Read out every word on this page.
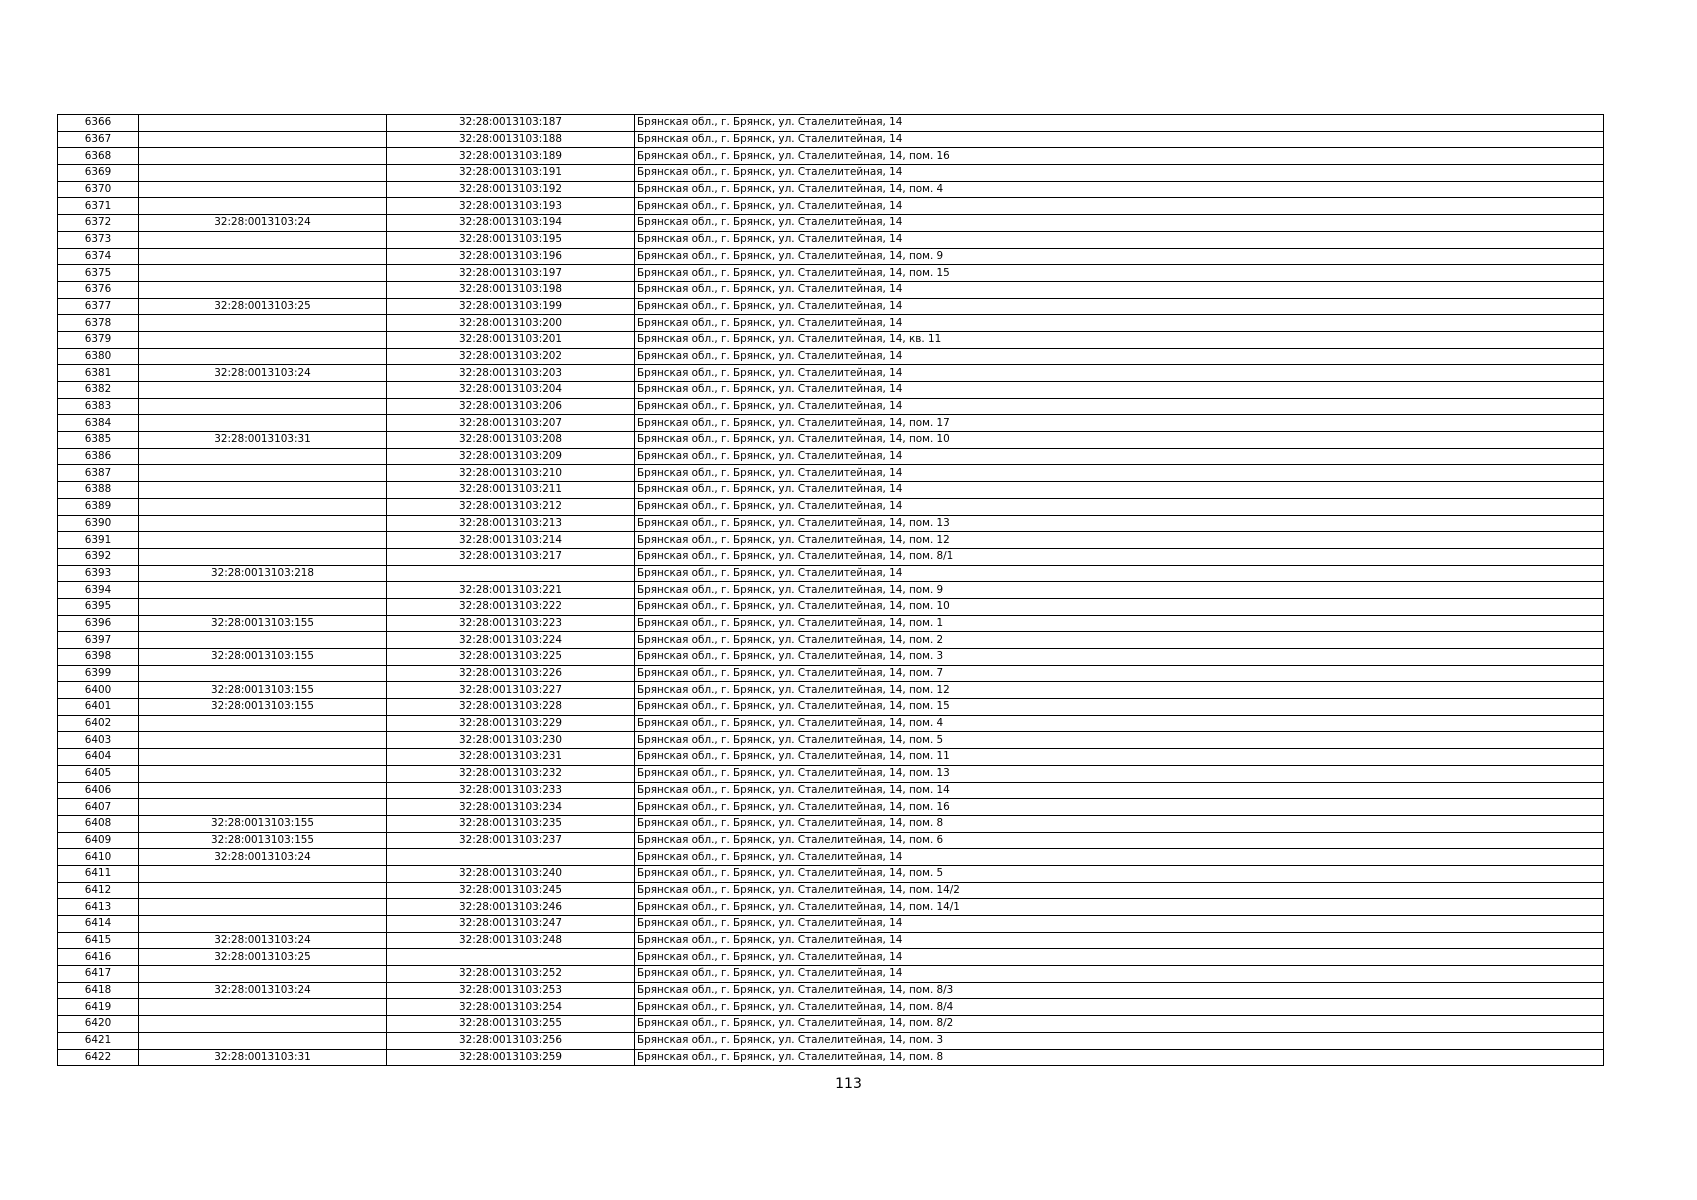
6366		32:28:0013103:187	Брянская обл., г. Брянск, ул. Сталелитейная, 14
6367		32:28:0013103:188	Брянская обл., г. Брянск, ул. Сталелитейная, 14
6368		32:28:0013103:189	Брянская обл., г. Брянск, ул. Сталелитейная, 14, пом. 16
6369		32:28:0013103:191	Брянская обл., г. Брянск, ул. Сталелитейная, 14
6370		32:28:0013103:192	Брянская обл., г. Брянск, ул. Сталелитейная, 14, пом. 4
6371		32:28:0013103:193	Брянская обл., г. Брянск, ул. Сталелитейная, 14
6372	32:28:0013103:24	32:28:0013103:194	Брянская обл., г. Брянск, ул. Сталелитейная, 14
6373		32:28:0013103:195	Брянская обл., г. Брянск, ул. Сталелитейная, 14
6374		32:28:0013103:196	Брянская обл., г. Брянск, ул. Сталелитейная, 14, пом. 9
6375		32:28:0013103:197	Брянская обл., г. Брянск, ул. Сталелитейная, 14, пом. 15
6376		32:28:0013103:198	Брянская обл., г. Брянск, ул. Сталелитейная, 14
6377	32:28:0013103:25	32:28:0013103:199	Брянская обл., г. Брянск, ул. Сталелитейная, 14
6378		32:28:0013103:200	Брянская обл., г. Брянск, ул. Сталелитейная, 14
6379		32:28:0013103:201	Брянская обл., г. Брянск, ул. Сталелитейная, 14, кв. 11
6380		32:28:0013103:202	Брянская обл., г. Брянск, ул. Сталелитейная, 14
6381	32:28:0013103:24	32:28:0013103:203	Брянская обл., г. Брянск, ул. Сталелитейная, 14
6382		32:28:0013103:204	Брянская обл., г. Брянск, ул. Сталелитейная, 14
6383		32:28:0013103:206	Брянская обл., г. Брянск, ул. Сталелитейная, 14
6384		32:28:0013103:207	Брянская обл., г. Брянск, ул. Сталелитейная, 14, пом. 17
6385	32:28:0013103:31	32:28:0013103:208	Брянская обл., г. Брянск, ул. Сталелитейная, 14, пом. 10
6386		32:28:0013103:209	Брянская обл., г. Брянск, ул. Сталелитейная, 14
6387		32:28:0013103:210	Брянская обл., г. Брянск, ул. Сталелитейная, 14
6388		32:28:0013103:211	Брянская обл., г. Брянск, ул. Сталелитейная, 14
6389		32:28:0013103:212	Брянская обл., г. Брянск, ул. Сталелитейная, 14
6390		32:28:0013103:213	Брянская обл., г. Брянск, ул. Сталелитейная, 14, пом. 13
6391		32:28:0013103:214	Брянская обл., г. Брянск, ул. Сталелитейная, 14, пом. 12
6392		32:28:0013103:217	Брянская обл., г. Брянск, ул. Сталелитейная, 14, пом. 8/1
6393	32:28:0013103:218		Брянская обл., г. Брянск, ул. Сталелитейная, 14
6394		32:28:0013103:221	Брянская обл., г. Брянск, ул. Сталелитейная, 14, пом. 9
6395		32:28:0013103:222	Брянская обл., г. Брянск, ул. Сталелитейная, 14, пом. 10
6396	32:28:0013103:155	32:28:0013103:223	Брянская обл., г. Брянск, ул. Сталелитейная, 14, пом. 1
6397		32:28:0013103:224	Брянская обл., г. Брянск, ул. Сталелитейная, 14, пом. 2
6398	32:28:0013103:155	32:28:0013103:225	Брянская обл., г. Брянск, ул. Сталелитейная, 14, пом. 3
6399		32:28:0013103:226	Брянская обл., г. Брянск, ул. Сталелитейная, 14, пом. 7
6400	32:28:0013103:155	32:28:0013103:227	Брянская обл., г. Брянск, ул. Сталелитейная, 14, пом. 12
6401	32:28:0013103:155	32:28:0013103:228	Брянская обл., г. Брянск, ул. Сталелитейная, 14, пом. 15
6402		32:28:0013103:229	Брянская обл., г. Брянск, ул. Сталелитейная, 14, пом. 4
6403		32:28:0013103:230	Брянская обл., г. Брянск, ул. Сталелитейная, 14, пом. 5
6404		32:28:0013103:231	Брянская обл., г. Брянск, ул. Сталелитейная, 14, пом. 11
6405		32:28:0013103:232	Брянская обл., г. Брянск, ул. Сталелитейная, 14, пом. 13
6406		32:28:0013103:233	Брянская обл., г. Брянск, ул. Сталелитейная, 14, пом. 14
6407		32:28:0013103:234	Брянская обл., г. Брянск, ул. Сталелитейная, 14, пом. 16
6408	32:28:0013103:155	32:28:0013103:235	Брянская обл., г. Брянск, ул. Сталелитейная, 14, пом. 8
6409	32:28:0013103:155	32:28:0013103:237	Брянская обл., г. Брянск, ул. Сталелитейная, 14, пом. 6
6410	32:28:0013103:24		Брянская обл., г. Брянск, ул. Сталелитейная, 14
6411		32:28:0013103:240	Брянская обл., г. Брянск, ул. Сталелитейная, 14, пом. 5
6412		32:28:0013103:245	Брянская обл., г. Брянск, ул. Сталелитейная, 14, пом. 14/2
6413		32:28:0013103:246	Брянская обл., г. Брянск, ул. Сталелитейная, 14, пом. 14/1
6414		32:28:0013103:247	Брянская обл., г. Брянск, ул. Сталелитейная, 14
6415	32:28:0013103:24	32:28:0013103:248	Брянская обл., г. Брянск, ул. Сталелитейная, 14
6416	32:28:0013103:25		Брянская обл., г. Брянск, ул. Сталелитейная, 14
6417		32:28:0013103:252	Брянская обл., г. Брянск, ул. Сталелитейная, 14
6418	32:28:0013103:24	32:28:0013103:253	Брянская обл., г. Брянск, ул. Сталелитейная, 14, пом. 8/3
6419		32:28:0013103:254	Брянская обл., г. Брянск, ул. Сталелитейная, 14, пом. 8/4
6420		32:28:0013103:255	Брянская обл., г. Брянск, ул. Сталелитейная, 14, пом. 8/2
6421		32:28:0013103:256	Брянская обл., г. Брянск, ул. Сталелитейная, 14, пом. 3
6422	32:28:0013103:31	32:28:0013103:259	Брянская обл., г. Брянск, ул. Сталелитейная, 14, пом. 8
113
